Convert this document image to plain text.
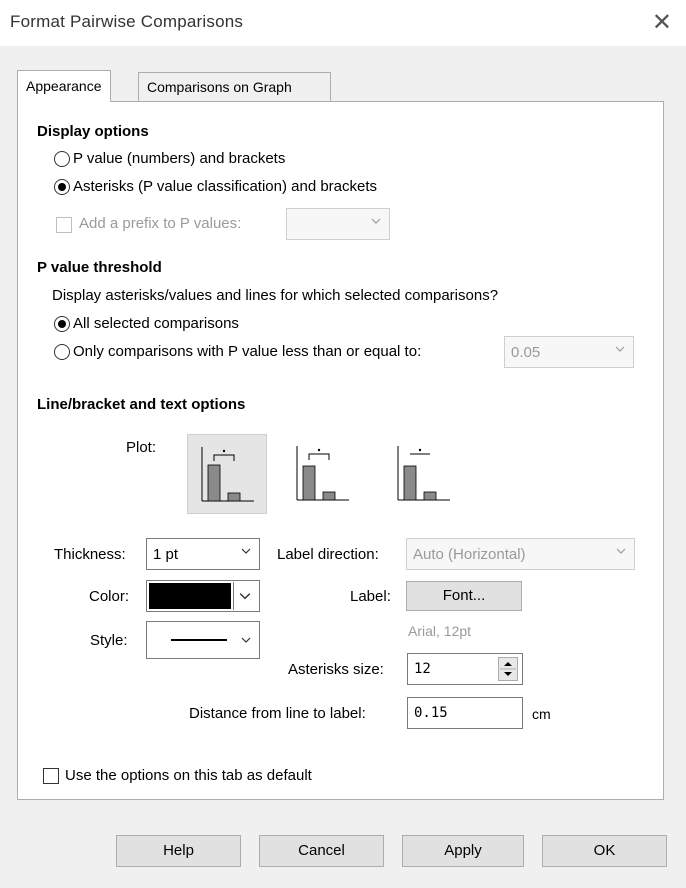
Format Pairwise Comparisons	✕
Appearance	Comparisons on Graph
Display options
P value (numbers) and brackets
Asterisks (P value classification) and brackets
Add a prefix to P values:
P value threshold
Display asterisks/values and lines for which selected comparisons?
All selected comparisons
Only comparisons with P value less than or equal to:	0.05
Line/bracket and text options
Plot:
Thickness: 1 pt
Color:
Style:
Label direction: Auto (Horizontal)
Label:	Font...
Arial, 12pt
Asterisks size: 12
Distance from line to label:	0.15	cm
Use the options on this tab as default
Help	Cancel	Apply	OK
